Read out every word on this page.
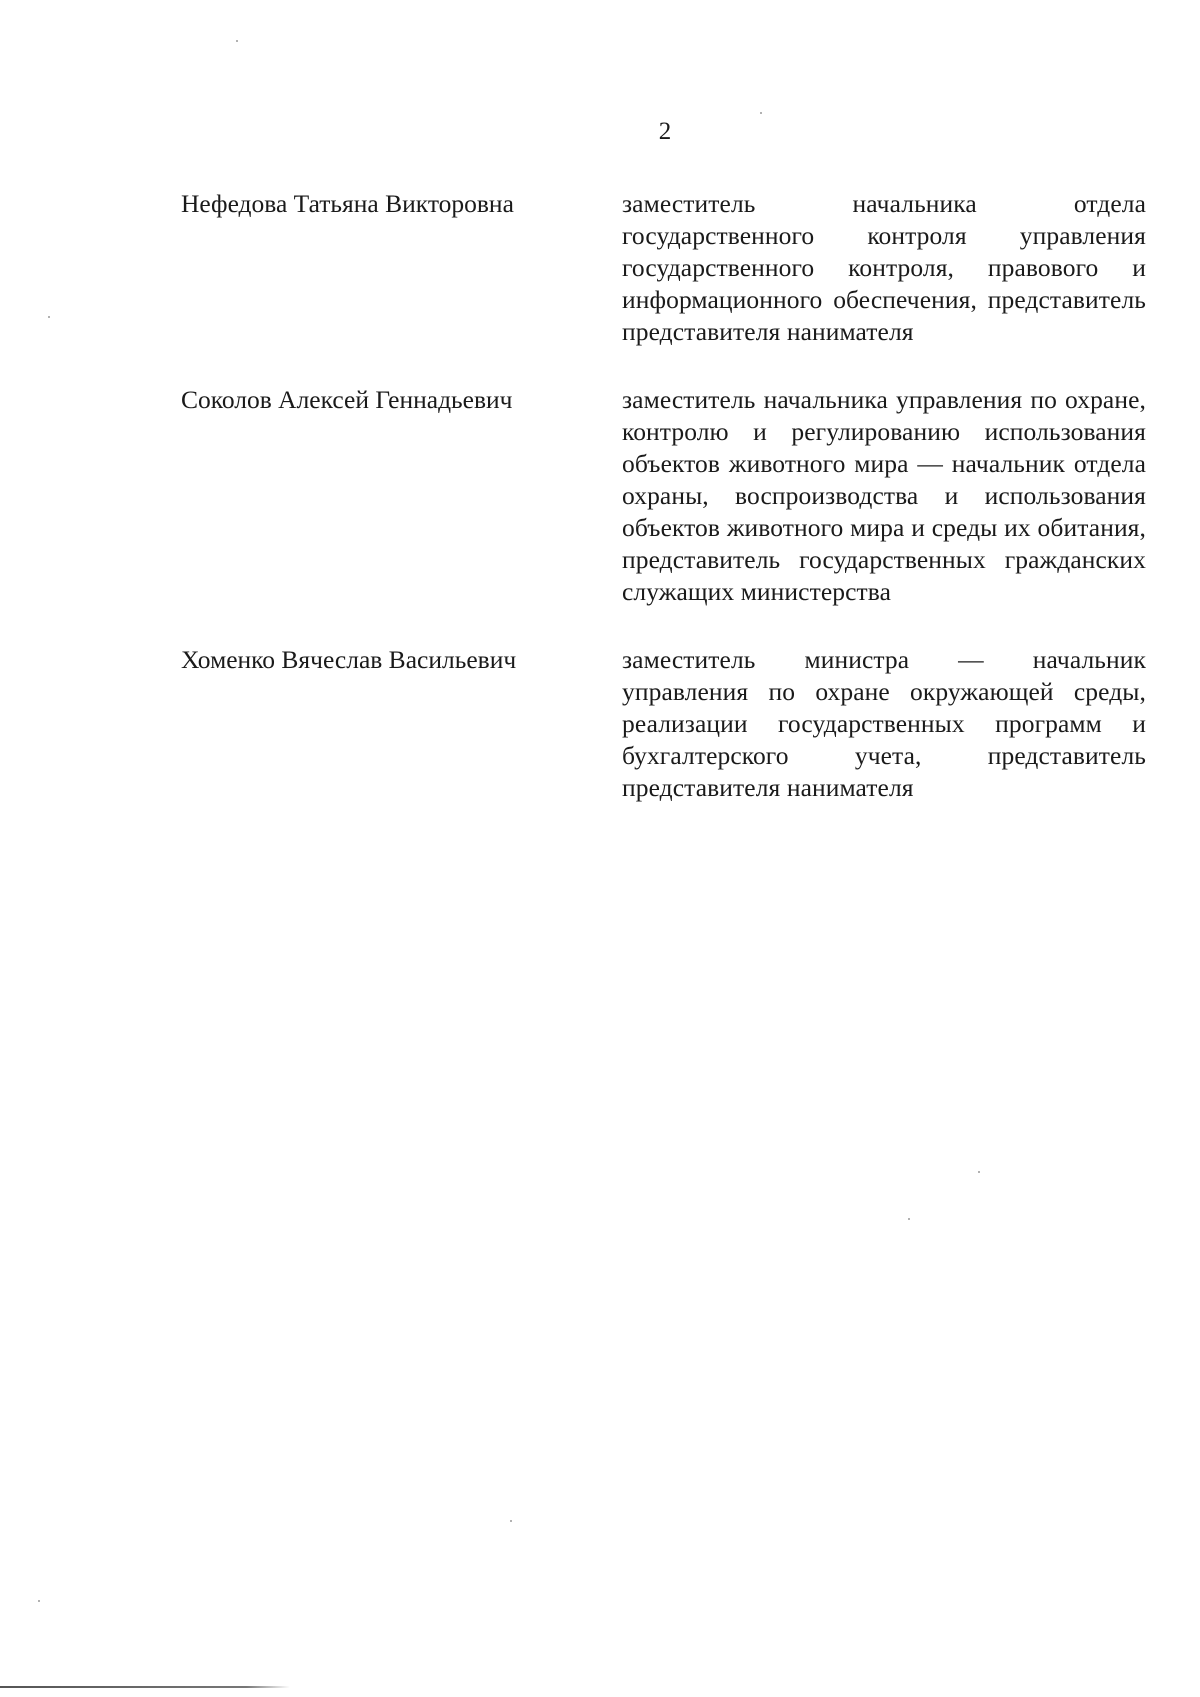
2

Нефедова Татьяна Викторовна	заместитель начальника отдела государственного контроля управления государственного контроля, правового и информационного обеспечения, представитель представителя нанимателя
Соколов Алексей Геннадьевич	заместитель начальника управления по охране, контролю и регулированию использования объектов животного мира — начальник отдела охраны, воспроизводства и использования объектов животного мира и среды их обитания, представитель государственных гражданских служащих министерства
Хоменко Вячеслав Васильевич	заместитель министра — начальник управления по охране окружающей среды, реализации государственных программ и бухгалтерского учета, представитель представителя нанимателя
